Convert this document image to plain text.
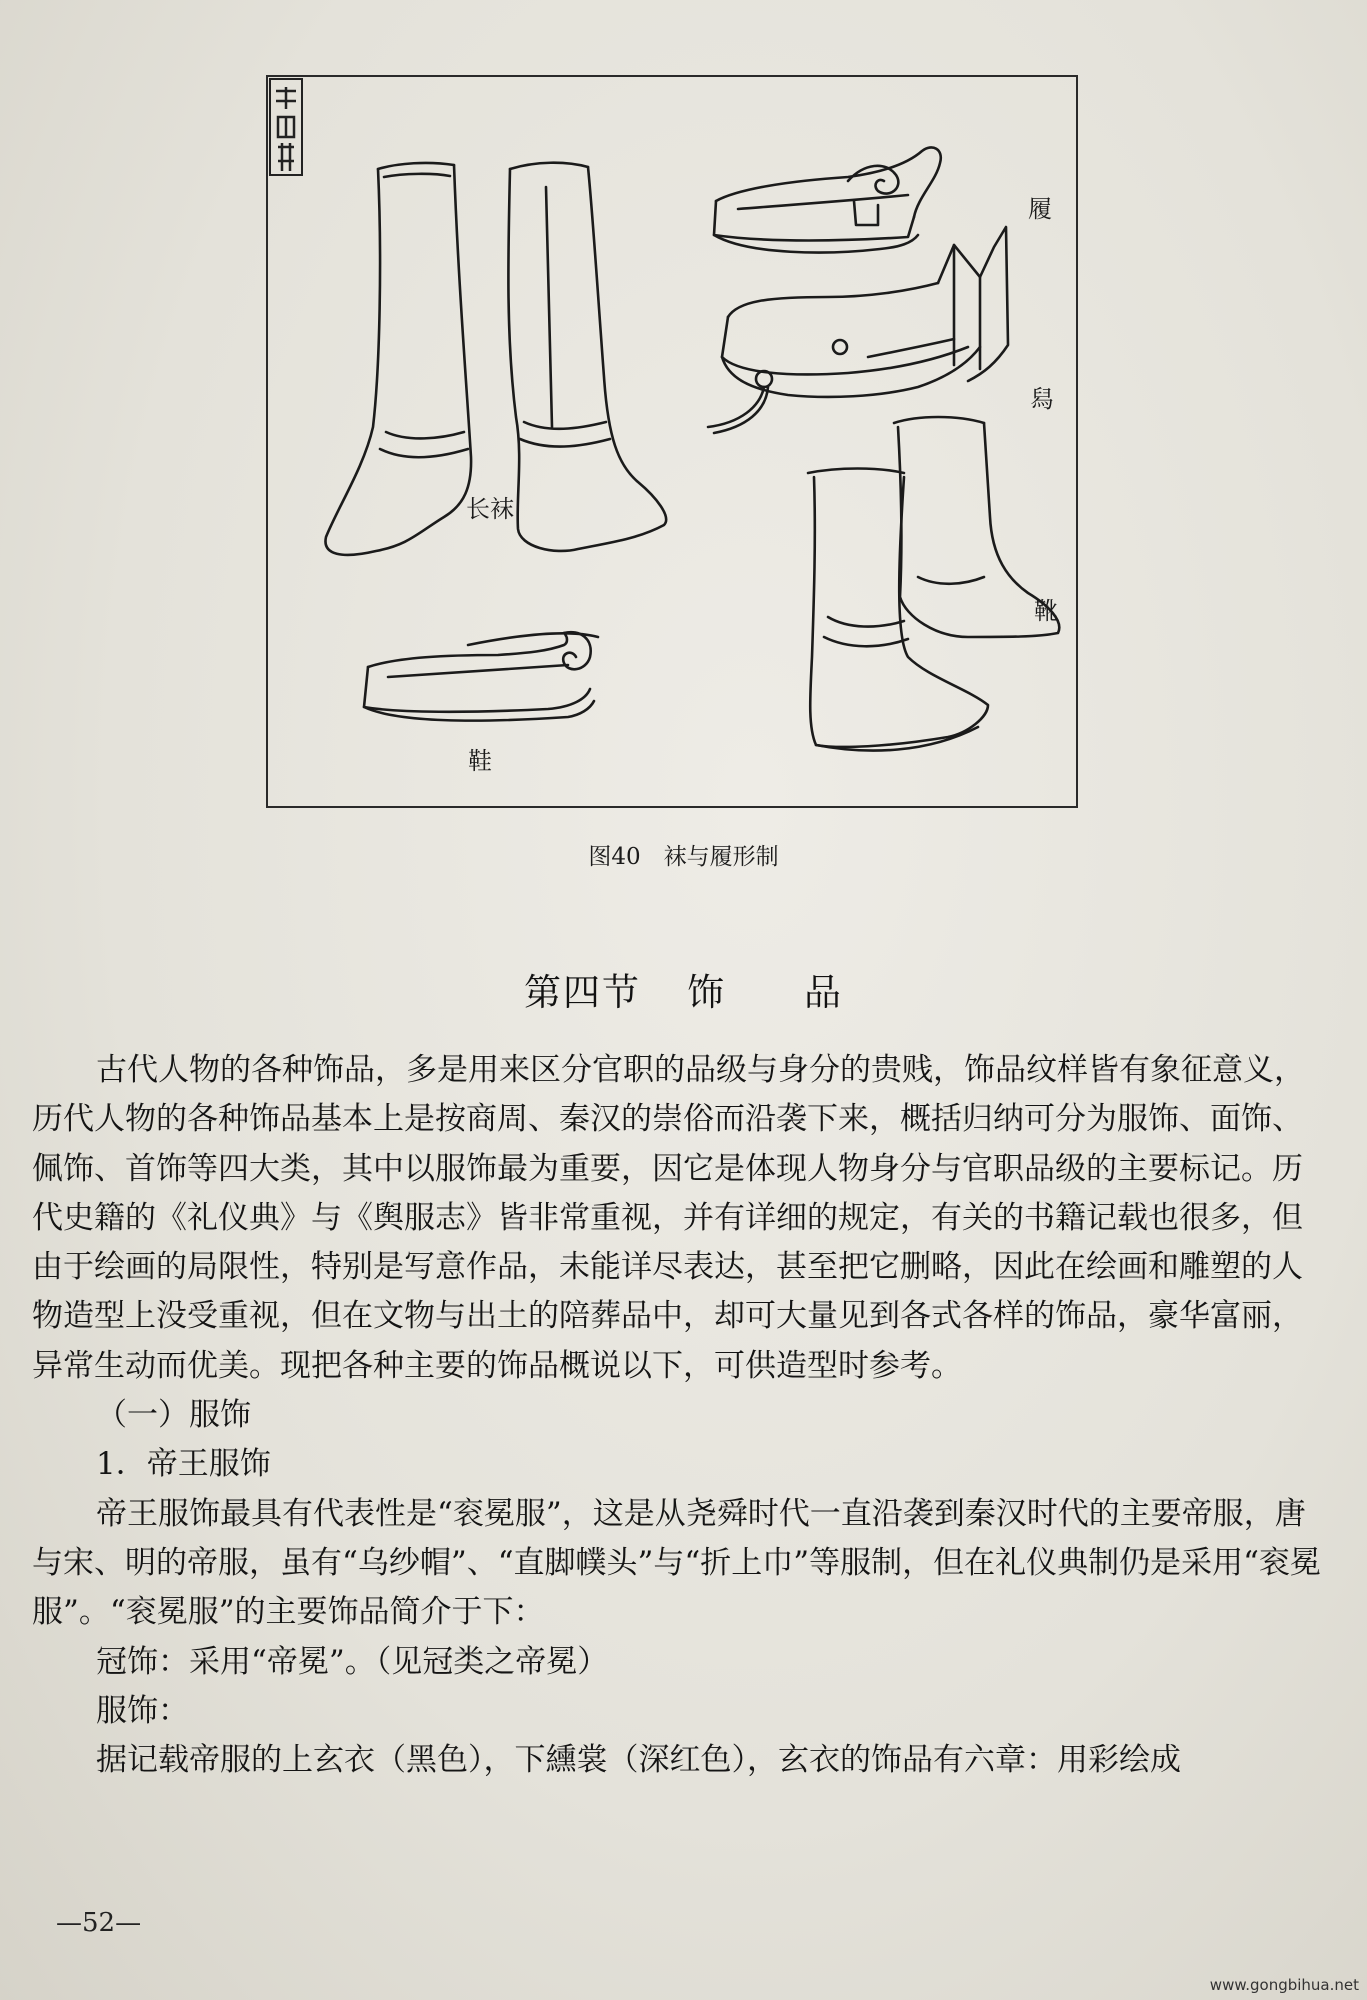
长袜
履
舄
靴
鞋
图40　袜与履形制
第四节 饰 品

古代人物的各种饰品，多是用来区分官职的品级与身分的贵贱，饰品纹样皆有象征意义，历代人物的各种饰品基本上是按商周、秦汉的崇俗而沿袭下来，概括归纳可分为服饰、面饰、佩饰、首饰等四大类，其中以服饰最为重要，因它是体现人物身分与官职品级的主要标记。历代史籍的《礼仪典》与《舆服志》皆非常重视，并有详细的规定，有关的书籍记载也很多，但由于绘画的局限性，特别是写意作品，未能详尽表达，甚至把它删略，因此在绘画和雕塑的人物造型上没受重视，但在文物与出土的陪葬品中，却可大量见到各式各样的饰品，豪华富丽，异常生动而优美。现把各种主要的饰品概说以下，可供造型时参考。

（一）服饰

1．帝王服饰

帝王服饰最具有代表性是“衮冕服”，这是从尧舜时代一直沿袭到秦汉时代的主要帝服，唐与宋、明的帝服，虽有“乌纱帽”、“直脚幞头”与“折上巾”等服制，但在礼仪典制仍是采用“衮冕服”。“衮冕服”的主要饰品简介于下：

冠饰：采用“帝冕”。（见冠类之帝冕）

服饰：

据记载帝服的上玄衣（黑色），下纁裳（深红色），玄衣的饰品有六章：用彩绘成

—52—
www.gongbihua.net
